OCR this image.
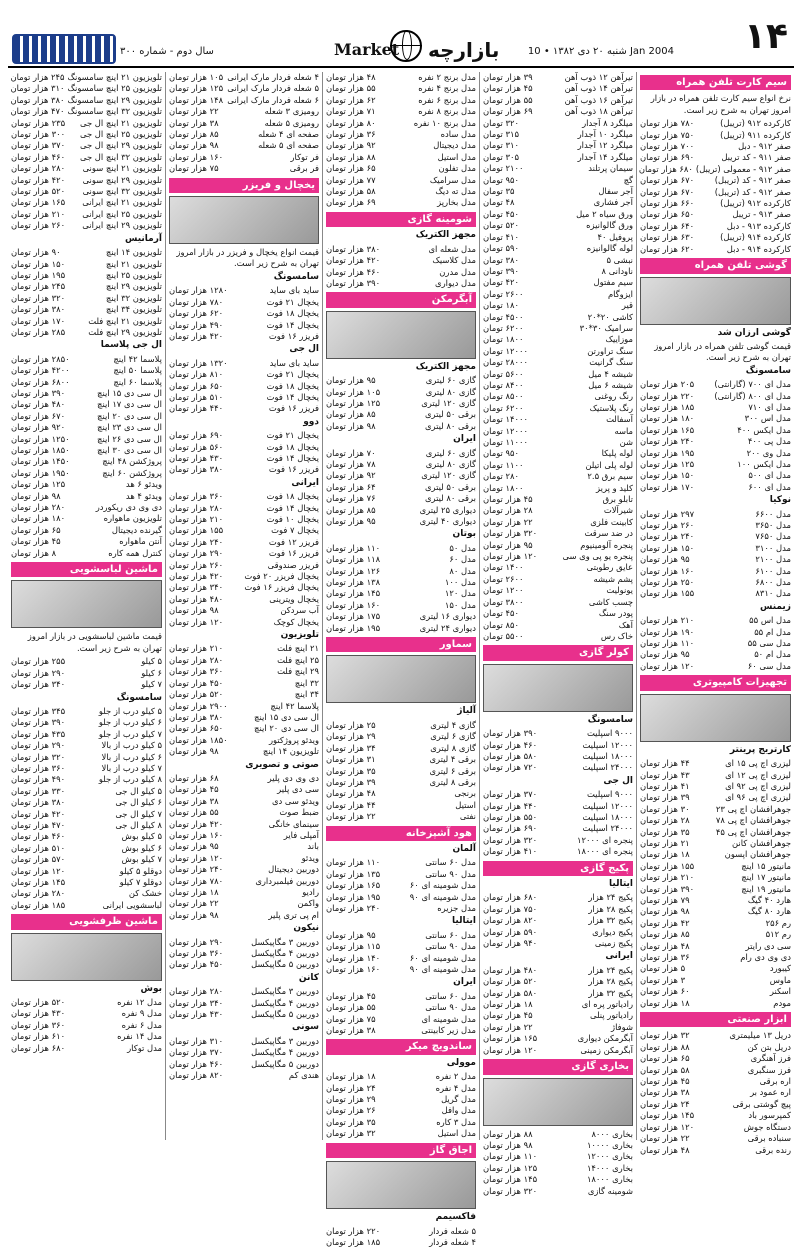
۱۴
شنبه ۲۰ دی ۱۳۸۲ • 10 Jan 2004
بازارچه
Market
سال دوم - شماره ۳۰۰
سیم کارت تلفن همراه
نرخ انواع سیم کارت تلفن همراه در بازار امروز تهران به شرح زیر است.
کارکرده ۹۱۲ (تریبل)
۷۸۰ هزار تومان
کارکرده ۹۱۱ (تریبل)
۷۵۰ هزار تومان
صفر ۹۱۲ - دبل
۷۰۰ هزار تومان
صفر ۹۱۱ - کد تریبل
۶۹۰ هزار تومان
صفر ۹۱۲ - معمولی (تریبل)
۶۸۰ هزار تومان
صفر ۹۱۲ - کد (تریبل)
۶۷۰ هزار تومان
صفر ۹۱۲ - کد (تریبل)
۶۷۰ هزار تومان
کارکرده ۹۱۲ (تریبل)
۶۶۰ هزار تومان
صفر ۹۱۳ - تریبل
۶۵۰ هزار تومان
کارکرده ۹۱۳ - دبل
۶۴۰ هزار تومان
کارکرده ۹۱۴ (تریبل)
۶۳۰ هزار تومان
کارکرده ۹۱۴ - دبل
۶۲۰ هزار تومان
گوشی تلفن همراه
گوشی ارزان شد
قیمت گوشی تلفن همراه در بازار امروز تهران به شرح زیر است.
سامسونگ
مدل ای ۷۰۰ (گارانتی)
۲۰۵ هزار تومان
مدل ای ۸۰۰ (گارانتی)
۲۲۰ هزار تومان
مدل ای ۷۱۰
۱۸۵ هزار تومان
مدل اس ۳۰۰
۱۸۰ هزار تومان
مدل ایکس ۴۰۰
۱۶۵ هزار تومان
مدل پی ۴۰۰
۲۴۰ هزار تومان
مدل وی ۲۰۰
۱۹۵ هزار تومان
مدل ایکس ۱۰۰
۱۲۵ هزار تومان
مدل ای ۵۰۰
۱۵۰ هزار تومان
مدل ای ۶۰۰
۱۷۰ هزار تومان
نوکیا
مدل ۶۶۰۰
۲۹۷ هزار تومان
مدل ۳۶۵۰
۲۶۰ هزار تومان
مدل ۷۶۵۰
۲۴۰ هزار تومان
مدل ۳۱۰۰
۱۵۰ هزار تومان
مدل ۲۱۰۰
۹۵ هزار تومان
مدل ۶۱۰۰
۱۶۰ هزار تومان
مدل ۶۸۰۰
۲۵۰ هزار تومان
مدل ۸۳۱۰
۱۵۵ هزار تومان
زیمنس
مدل اس ۵۵
۲۱۰ هزار تومان
مدل ام ۵۵
۱۹۰ هزار تومان
مدل سی ۵۵
۱۱۰ هزار تومان
مدل ام ۵۰
۹۵ هزار تومان
مدل سی ۶۰
۱۲۰ هزار تومان
تجهیزات کامپیوتری
کارتریج پرینتر
لیزری اچ پی ۱۵ ای
۴۴ هزار تومان
لیزری اچ پی ۱۲ ای
۴۳ هزار تومان
لیزری اچ پی ۹۲ ای
۴۱ هزار تومان
لیزری اچ پی ۹۶ ای
۳۹ هزار تومان
جوهرافشان اچ پی ۲۳
۳۰ هزار تومان
جوهرافشان اچ پی ۷۸
۲۸ هزار تومان
جوهرافشان اچ پی ۴۵
۳۵ هزار تومان
جوهرافشان کانن
۲۱ هزار تومان
جوهرافشان اپسون
۱۸ هزار تومان
مانیتور ۱۵ اینچ
۱۵۵ هزار تومان
مانیتور ۱۷ اینچ
۲۱۰ هزار تومان
مانیتور ۱۹ اینچ
۳۹۰ هزار تومان
هارد ۴۰ گیگ
۷۹ هزار تومان
هارد ۸۰ گیگ
۹۸ هزار تومان
رم ۲۵۶
۴۲ هزار تومان
رم ۵۱۲
۸۵ هزار تومان
سی دی رایتر
۴۸ هزار تومان
دی وی دی رام
۳۶ هزار تومان
کیبورد
۵ هزار تومان
ماوس
۳ هزار تومان
اسکنر
۶۰ هزار تومان
مودم
۱۸ هزار تومان
ابزار صنعتی
دریل ۱۳ میلیمتری
۳۲ هزار تومان
دریل بتن کن
۸۸ هزار تومان
فرز آهنگری
۶۵ هزار تومان
فرز سنگبری
۵۸ هزار تومان
اره برقی
۴۵ هزار تومان
اره عمود بر
۳۸ هزار تومان
پیچ گوشتی برقی
۲۴ هزار تومان
کمپرسور باد
۱۴۵ هزار تومان
دستگاه جوش
۱۲۰ هزار تومان
سنباده برقی
۲۲ هزار تومان
رنده برقی
۴۸ هزار تومان
تیرآهن ۱۲ ذوب آهن
۳۹ هزار تومان
تیرآهن ۱۴ ذوب آهن
۴۵ هزار تومان
تیرآهن ۱۶ ذوب آهن
۵۵ هزار تومان
تیرآهن ۱۸ ذوب آهن
۶۹ هزار تومان
میلگرد ۸ آجدار
۳۲۰ تومان
میلگرد ۱۰ آجدار
۳۱۵ تومان
میلگرد ۱۲ آجدار
۳۱۰ تومان
میلگرد ۱۴ آجدار
۳۰۵ تومان
سیمان پرتلند
۲۱۰۰ تومان
گچ
۹۵۰ تومان
آجر سفال
۳۵ تومان
آجر فشاری
۴۸ تومان
ورق سیاه ۲ میل
۴۵۰ تومان
ورق گالوانیزه
۵۲۰ تومان
پروفیل ۴۰
۴۱۰ تومان
لوله گالوانیزه
۵۹۰ تومان
نبشی ۵
۳۸۰ تومان
ناودانی ۸
۳۹۰ تومان
سیم مفتول
۴۲۰ تومان
ایزوگام
۲۶۰۰ تومان
قیر
۱۸۰ تومان
کاشی ۲۰*۲۰
۴۵۰۰ تومان
سرامیک ۳۰*۳۰
۶۲۰۰ تومان
موزاییک
۱۸۰۰ تومان
سنگ تراورتن
۱۲۰۰۰ تومان
سنگ گرانیت
۲۸۰۰۰ تومان
شیشه ۴ میل
۵۶۰۰ تومان
شیشه ۶ میل
۸۴۰۰ تومان
رنگ روغنی
۸۵۰۰ تومان
رنگ پلاستیک
۶۲۰۰ تومان
آسفالت
۱۴۰۰۰ تومان
ماسه
۱۲۰۰۰ تومان
شن
۱۱۰۰۰ تومان
لوله پلیکا
۹۵۰ تومان
لوله پلی اتیلن
۱۱۰۰ تومان
سیم برق ۲.۵
۲۸۰ تومان
کلید و پریز
۱۸۰۰ تومان
تابلو برق
۴۵ هزار تومان
شیرآلات
۲۸ هزار تومان
کابینت فلزی
۲۲ هزار تومان
در ضد سرقت
۳۲۰ هزار تومان
پنجره آلومینیوم
۹۵ هزار تومان
پنجره یو پی وی سی
۱۲۰ هزار تومان
عایق رطوبتی
۱۴۰۰ تومان
پشم شیشه
۲۶۰۰ تومان
یونولیت
۱۲۰۰ تومان
چسب کاشی
۳۸۰۰ تومان
پودر سنگ
۴۵۰ تومان
آهک
۸۵۰ تومان
خاک رس
۵۵۰۰ تومان
کولر گازی
سامسونگ
۹۰۰۰ اسپلیت
۳۹۰ هزار تومان
۱۲۰۰۰ اسپلیت
۴۶۰ هزار تومان
۱۸۰۰۰ اسپلیت
۵۸۰ هزار تومان
۲۴۰۰۰ اسپلیت
۷۲۰ هزار تومان
ال جی
۹۰۰۰ اسپلیت
۳۷۰ هزار تومان
۱۲۰۰۰ اسپلیت
۴۴۰ هزار تومان
۱۸۰۰۰ اسپلیت
۵۵۰ هزار تومان
۲۴۰۰۰ اسپلیت
۶۹۰ هزار تومان
پنجره ای ۱۲۰۰۰
۳۲۰ هزار تومان
پنجره ای ۱۸۰۰۰
۴۱۰ هزار تومان
پکیج گازی
ایتالیا
پکیج ۲۴ هزار
۶۸۰ هزار تومان
پکیج ۲۸ هزار
۷۵۰ هزار تومان
پکیج ۳۲ هزار
۸۲۰ هزار تومان
پکیج دیواری
۵۹۰ هزار تومان
پکیج زمینی
۹۴۰ هزار تومان
ایرانی
پکیج ۲۴ هزار
۴۸۰ هزار تومان
پکیج ۲۸ هزار
۵۲۰ هزار تومان
پکیج ۳۲ هزار
۵۸۰ هزار تومان
رادیاتور پره ای
۱۸ هزار تومان
رادیاتور پنلی
۴۵ هزار تومان
شوفاژ
۲۲ هزار تومان
آبگرمکن دیواری
۱۶۵ هزار تومان
آبگرمکن زمینی
۱۲۰ هزار تومان
بخاری گازی
بخاری ۸۰۰۰
۸۸ هزار تومان
بخاری ۱۰۰۰۰
۹۸ هزار تومان
بخاری ۱۲۰۰۰
۱۱۰ هزار تومان
بخاری ۱۴۰۰۰
۱۲۵ هزار تومان
بخاری ۱۸۰۰۰
۱۴۵ هزار تومان
شومینه گازی
۳۲۰ هزار تومان
مدل برنج ۲ نفره
۴۸ هزار تومان
مدل برنج ۴ نفره
۵۵ هزار تومان
مدل برنج ۶ نفره
۶۲ هزار تومان
مدل برنج ۸ نفره
۷۱ هزار تومان
مدل برنج ۱۰ نفره
۸۰ هزار تومان
مدل ساده
۳۶ هزار تومان
مدل دیجیتال
۹۲ هزار تومان
مدل استیل
۸۸ هزار تومان
مدل تفلون
۶۵ هزار تومان
مدل سرامیک
۷۷ هزار تومان
مدل ته دیگ
۵۸ هزار تومان
مدل بخارپز
۶۹ هزار تومان
شومینه گازی
مجهز الکتریک
مدل شعله ای
۳۸۰ هزار تومان
مدل کلاسیک
۴۲۰ هزار تومان
مدل مدرن
۴۶۰ هزار تومان
مدل دیواری
۳۹۰ هزار تومان
آبگرمکن
مجهز الکتریک
گازی ۶۰ لیتری
۹۵ هزار تومان
گازی ۸۰ لیتری
۱۰۵ هزار تومان
گازی ۱۲۰ لیتری
۱۲۵ هزار تومان
برقی ۵۰ لیتری
۸۵ هزار تومان
برقی ۸۰ لیتری
۹۸ هزار تومان
ایران
گازی ۶۰ لیتری
۷۰ هزار تومان
گازی ۸۰ لیتری
۷۸ هزار تومان
گازی ۱۲۰ لیتری
۹۲ هزار تومان
برقی ۵۰ لیتری
۶۴ هزار تومان
برقی ۸۰ لیتری
۷۶ هزار تومان
دیواری ۲۵ لیتری
۸۵ هزار تومان
دیواری ۴۰ لیتری
۹۵ هزار تومان
بوتان
مدل ۵۰
۱۱۰ هزار تومان
مدل ۶۰
۱۱۸ هزار تومان
مدل ۸۰
۱۲۶ هزار تومان
مدل ۱۰۰
۱۳۸ هزار تومان
مدل ۱۲۰
۱۴۵ هزار تومان
مدل ۱۵۰
۱۶۰ هزار تومان
دیواری ۱۶ لیتری
۱۷۵ هزار تومان
دیواری ۲۴ لیتری
۱۹۵ هزار تومان
سماور
آلیاژ
گازی ۴ لیتری
۲۵ هزار تومان
گازی ۶ لیتری
۲۹ هزار تومان
گازی ۸ لیتری
۳۴ هزار تومان
برقی ۴ لیتری
۳۱ هزار تومان
برقی ۶ لیتری
۳۵ هزار تومان
برقی ۸ لیتری
۳۹ هزار تومان
برنجی
۴۸ هزار تومان
استیل
۴۴ هزار تومان
نفتی
۲۲ هزار تومان
هود آشپزخانه
آلمان
مدل ۶۰ سانتی
۱۱۰ هزار تومان
مدل ۹۰ سانتی
۱۳۵ هزار تومان
مدل شومینه ای ۶۰
۱۶۵ هزار تومان
مدل شومینه ای ۹۰
۱۹۵ هزار تومان
مدل جزیره
۲۴۰ هزار تومان
ایتالیا
مدل ۶۰ سانتی
۹۵ هزار تومان
مدل ۹۰ سانتی
۱۱۵ هزار تومان
مدل شومینه ای ۶۰
۱۴۰ هزار تومان
مدل شومینه ای ۹۰
۱۶۰ هزار تومان
ایران
مدل ۶۰ سانتی
۴۵ هزار تومان
مدل ۹۰ سانتی
۵۵ هزار تومان
مدل شومینه ای
۷۵ هزار تومان
مدل زیر کابینتی
۳۸ هزار تومان
ساندویچ میکر
موولی
مدل ۲ نفره
۱۸ هزار تومان
مدل ۴ نفره
۲۴ هزار تومان
مدل گریل
۲۹ هزار تومان
مدل وافل
۲۶ هزار تومان
مدل ۳ کاره
۳۵ هزار تومان
مدل استیل
۳۲ هزار تومان
اجاق گاز
فاکسیمم
۵ شعله فردار
۲۲۰ هزار تومان
۴ شعله فردار
۱۸۵ هزار تومان
۴ شعله فردار مارک ایرانی
۱۰۵ هزار تومان
۵ شعله فردار مارک ایرانی
۱۲۵ هزار تومان
۶ شعله فردار مارک ایرانی
۱۴۸ هزار تومان
رومیزی ۳ شعله
۲۲ هزار تومان
رومیزی ۵ شعله
۳۸ هزار تومان
صفحه ای ۴ شعله
۸۵ هزار تومان
صفحه ای ۵ شعله
۹۸ هزار تومان
فر توکار
۱۶۰ هزار تومان
فر برقی
۷۵ هزار تومان
یخچال و فریزر
قیمت انواع یخچال و فریزر در بازار امروز تهران به شرح زیر است.
سامسونگ
ساید بای ساید
۱۲۸۰ هزار تومان
یخچال ۲۱ فوت
۷۸۰ هزار تومان
یخچال ۱۸ فوت
۶۲۰ هزار تومان
یخچال ۱۴ فوت
۴۹۰ هزار تومان
فریزر ۱۶ فوت
۴۲۰ هزار تومان
ال جی
ساید بای ساید
۱۳۲۰ هزار تومان
یخچال ۲۱ فوت
۸۱۰ هزار تومان
یخچال ۱۸ فوت
۶۵۰ هزار تومان
یخچال ۱۴ فوت
۵۱۰ هزار تومان
فریزر ۱۶ فوت
۴۴۰ هزار تومان
دوو
یخچال ۲۱ فوت
۶۹۰ هزار تومان
یخچال ۱۸ فوت
۵۶۰ هزار تومان
یخچال ۱۴ فوت
۴۳۰ هزار تومان
فریزر ۱۶ فوت
۳۸۰ هزار تومان
ایرانی
یخچال ۱۸ فوت
۳۶۰ هزار تومان
یخچال ۱۴ فوت
۲۸۰ هزار تومان
یخچال ۱۰ فوت
۲۱۰ هزار تومان
یخچال ۷ فوت
۱۵۵ هزار تومان
فریزر ۱۲ فوت
۲۴۰ هزار تومان
فریزر ۱۶ فوت
۲۹۰ هزار تومان
فریزر صندوقی
۲۶۰ هزار تومان
یخچال فریزر ۲۰ فوت
۴۲۰ هزار تومان
یخچال فریزر ۱۶ فوت
۳۴۰ هزار تومان
یخچال ویترینی
۴۸۰ هزار تومان
آب سردکن
۹۸ هزار تومان
یخچال کوچک
۱۲۰ هزار تومان
تلویزیون
۲۱ اینچ فلت
۲۱۰ هزار تومان
۲۵ اینچ فلت
۲۸۰ هزار تومان
۲۹ اینچ فلت
۳۶۰ هزار تومان
۳۲ اینچ
۴۵۰ هزار تومان
۳۴ اینچ
۵۲۰ هزار تومان
پلاسما ۴۲ اینچ
۲۹۰۰ هزار تومان
ال سی دی ۱۵ اینچ
۳۸۰ هزار تومان
ال سی دی ۲۰ اینچ
۶۵۰ هزار تومان
ویدئو پروژکتور
۱۸۵۰ هزار تومان
تلویزیون ۱۴ اینچ
۹۸ هزار تومان
صوتی و تصویری
دی وی دی پلیر
۶۸ هزار تومان
سی دی پلیر
۴۵ هزار تومان
ویدئو سی دی
۳۸ هزار تومان
ضبط صوت
۵۵ هزار تومان
سینمای خانگی
۴۲۰ هزار تومان
آمپلی فایر
۱۶۰ هزار تومان
باند
۹۵ هزار تومان
ویدئو
۱۲۰ هزار تومان
دوربین دیجیتال
۲۴۰ هزار تومان
دوربین فیلمبرداری
۷۸۰ هزار تومان
رادیو
۱۸ هزار تومان
واکمن
۲۲ هزار تومان
ام پی تری پلیر
۹۸ هزار تومان
نیکون
دوربین ۳ مگاپیکسل
۲۹۰ هزار تومان
دوربین ۴ مگاپیکسل
۳۶۰ هزار تومان
دوربین ۵ مگاپیکسل
۴۵۰ هزار تومان
کانن
دوربین ۳ مگاپیکسل
۲۸۰ هزار تومان
دوربین ۴ مگاپیکسل
۳۴۰ هزار تومان
دوربین ۵ مگاپیکسل
۴۳۰ هزار تومان
سونی
دوربین ۳ مگاپیکسل
۳۱۰ هزار تومان
دوربین ۴ مگاپیکسل
۳۷۰ هزار تومان
دوربین ۵ مگاپیکسل
۴۶۰ هزار تومان
هندی کم
۸۲۰ هزار تومان
تلویزیون ۲۱ اینچ سامسونگ
۲۴۵ هزار تومان
تلویزیون ۲۵ اینچ سامسونگ
۳۱۰ هزار تومان
تلویزیون ۲۹ اینچ سامسونگ
۳۸۰ هزار تومان
تلویزیون ۳۲ اینچ سامسونگ
۴۷۰ هزار تومان
تلویزیون ۲۱ اینچ ال جی
۲۳۵ هزار تومان
تلویزیون ۲۵ اینچ ال جی
۳۰۰ هزار تومان
تلویزیون ۲۹ اینچ ال جی
۳۷۰ هزار تومان
تلویزیون ۳۲ اینچ ال جی
۴۶۰ هزار تومان
تلویزیون ۲۱ اینچ سونی
۲۸۰ هزار تومان
تلویزیون ۲۹ اینچ سونی
۴۲۰ هزار تومان
تلویزیون ۳۲ اینچ سونی
۵۲۰ هزار تومان
تلویزیون ۲۱ اینچ ایرانی
۱۶۵ هزار تومان
تلویزیون ۲۵ اینچ ایرانی
۲۱۰ هزار تومان
تلویزیون ۲۹ اینچ ایرانی
۲۶۰ هزار تومان
آرمانیس
تلویزیون ۱۴ اینچ
۹۰ هزار تومان
تلویزیون ۲۱ اینچ
۱۵۰ هزار تومان
تلویزیون ۲۵ اینچ
۱۹۵ هزار تومان
تلویزیون ۲۹ اینچ
۲۴۵ هزار تومان
تلویزیون ۳۲ اینچ
۳۲۰ هزار تومان
تلویزیون ۳۴ اینچ
۳۸۰ هزار تومان
تلویزیون ۲۱ اینچ فلت
۱۷۰ هزار تومان
تلویزیون ۲۹ اینچ فلت
۲۸۵ هزار تومان
ال جی پلاسما
پلاسما ۴۲ اینچ
۲۸۵۰ هزار تومان
پلاسما ۵۰ اینچ
۴۲۰۰ هزار تومان
پلاسما ۶۰ اینچ
۶۸۰۰ هزار تومان
ال سی دی ۱۵ اینچ
۳۹۰ هزار تومان
ال سی دی ۱۷ اینچ
۴۸۰ هزار تومان
ال سی دی ۲۰ اینچ
۶۷۰ هزار تومان
ال سی دی ۲۳ اینچ
۹۲۰ هزار تومان
ال سی دی ۲۶ اینچ
۱۲۵۰ هزار تومان
ال سی دی ۳۰ اینچ
۱۸۵۰ هزار تومان
پروژکشن ۴۸ اینچ
۱۴۵۰ هزار تومان
پروژکشن ۶۰ اینچ
۱۹۵۰ هزار تومان
ویدئو ۶ هد
۱۲۵ هزار تومان
ویدئو ۴ هد
۹۸ هزار تومان
دی وی دی ریکوردر
۲۸۰ هزار تومان
تلویزیون ماهواره
۱۸۰ هزار تومان
گیرنده دیجیتال
۶۵ هزار تومان
آنتن ماهواره
۴۵ هزار تومان
کنترل همه کاره
۸ هزار تومان
ماشین لباسشویی
قیمت ماشین لباسشویی در بازار امروز تهران به شرح زیر است.
۵ کیلو
۲۵۵ هزار تومان
۶ کیلو
۲۹۰ هزار تومان
۷ کیلو
۳۴۰ هزار تومان
سامسونگ
۵ کیلو درب از جلو
۳۴۵ هزار تومان
۶ کیلو درب از جلو
۳۹۰ هزار تومان
۷ کیلو درب از جلو
۴۳۵ هزار تومان
۵ کیلو درب از بالا
۲۹۰ هزار تومان
۶ کیلو درب از بالا
۳۲۰ هزار تومان
۷ کیلو درب از بالا
۳۶۰ هزار تومان
۸ کیلو درب از جلو
۴۹۰ هزار تومان
۵ کیلو ال جی
۳۳۰ هزار تومان
۶ کیلو ال جی
۳۸۰ هزار تومان
۷ کیلو ال جی
۴۲۰ هزار تومان
۸ کیلو ال جی
۴۷۰ هزار تومان
۵ کیلو بوش
۴۶۰ هزار تومان
۶ کیلو بوش
۵۱۰ هزار تومان
۷ کیلو بوش
۵۷۰ هزار تومان
دوقلو ۵ کیلو
۱۲۰ هزار تومان
دوقلو ۷ کیلو
۱۴۵ هزار تومان
خشک کن
۲۸۰ هزار تومان
لباسشویی ایرانی
۱۸۵ هزار تومان
ماشین ظرفشویی
بوش
مدل ۱۲ نفره
۵۲۰ هزار تومان
مدل ۹ نفره
۴۳۰ هزار تومان
مدل ۶ نفره
۳۶۰ هزار تومان
مدل ۱۴ نفره
۶۱۰ هزار تومان
مدل توکار
۶۸۰ هزار تومان
